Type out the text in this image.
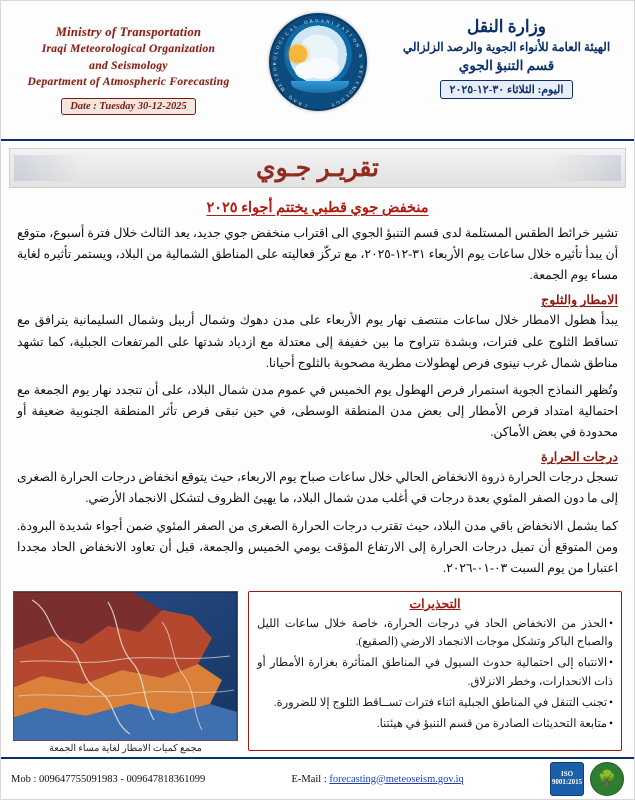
Ministry of Transportation
Iraqi Meteorological Organization
and Seismology
Department of Atmospheric Forecasting
Date : Tuesday 30-12-2025	I
R
A
Q
M
E
T
E
O
R
O
L
O
G
I
C
A
L
O R G A N I Z A
T
I
O
N
&
S
E
I
S
M
O
L
O
G
Y
وزارة النقل
الهيئة العامة للأنواء الجوية والرصد الزلزالي
قسم التنبؤ الجوي
اليوم: الثلاثاء ٣٠-١٢-٢٠٢٥
تقريـر جـوي
منخفض جوي قطبي يختتم أجواء ٢٠٢٥

تشير خرائط الطقس المستلمة لدى قسم التنبؤ الجوي الى اقتراب منخفض جوي جديد، يعد الثالث خلال فترة أسبوع، متوقع أن يبدأ تأثيره خلال ساعات يوم الأربعاء ٣١-١٢-٢٠٢٥، مع تركّز فعاليته على المناطق الشمالية من البلاد، ويستمر تأثيره لغاية مساء يوم الجمعة.

الامطار والثلوج

يبدأ هطول الامطار خلال ساعات منتصف نهار يوم الأربعاء على مدن دهوك وشمال أربيل وشمال السليمانية يترافق مع تساقط الثلوج على فترات، وبشدة تتراوح ما بين خفيفة إلى معتدلة مع ازدياد شدتها على المرتفعات الجبلية، كما تشهد مناطق شمال غرب نينوى فرص لهطولات مطرية مصحوبة بالثلوج أحيانا.

وتُظهر النماذج الجوية استمرار فرص الهطول يوم الخميس في عموم مدن شمال البلاد، على أن تتجدد نهار يوم الجمعة مع احتمالية امتداد فرص الأمطار إلى بعض مدن المنطقة الوسطى، في حين تبقى فرص تأثر المنطقة الجنوبية ضعيفة أو محدودة في بعض الأماكن.

درجات الحرارة

تسجل درجات الحرارة ذروة الانخفاض الحالي خلال ساعات صباح يوم الاربعاء، حيث يتوقع انخفاض درجات الحرارة الصغرى إلى ما دون الصفر المئوي بعدة درجات في أغلب مدن شمال البلاد، ما يهيئ الظروف لتشكل الانجماد الأرضي.

كما يشمل الانخفاض باقي مدن البلاد، حيث تقترب درجات الحرارة الصغرى من الصفر المئوي ضمن أجواء شديدة البرودة. ومن المتوقع أن تميل درجات الحرارة إلى الارتفاع المؤقت يومي الخميس والجمعة، قبل أن تعاود الانخفاض الحاد مجددا اعتبارا من يوم السبت ٠٣-٠١-٢٠٢٦.

التحذيرات
• الحذر من الانخفاض الحاد في درجات الحرارة، خاصة خلال ساعات الليل والصباح الباكر وتشكل موجات الانجماد الارضي (الصقيع).
• الانتباه إلى احتمالية حدوث السيول في المناطق المتأثرة بغزارة الأمطار أو ذات الانحدارات، وخطر الانزلاق.
• تجنب التنقل في المناطق الجبلية اثناء فترات تســاقط الثلوج إلا للضرورة.
• متابعة التحديثات الصادرة من قسم التنبؤ في هيئتنا.
مجمع كميات الامطار لغاية مساء الجمعة
Mob : 009647755091983 - 009647818361099	E-Mail : forecasting@meteoseism.gov.iq	ISO
9001:2015 🌳
